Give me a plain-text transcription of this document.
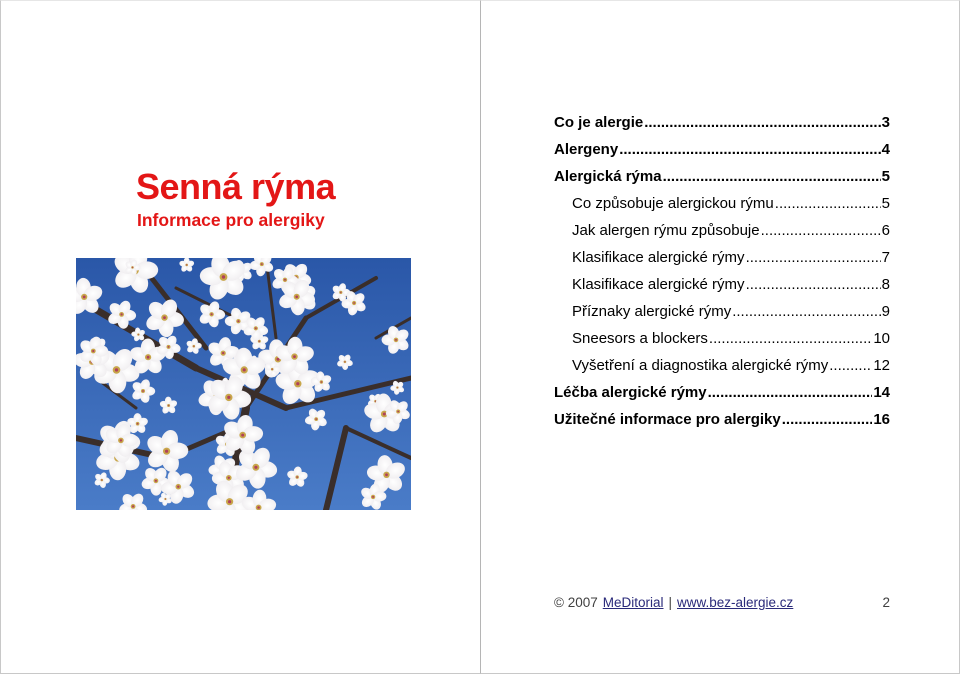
Senná rýma
Informace pro alergiky
Co je alergie .....	3
Alergeny .....	4
Alergická rýma .....	5
Co způsobuje alergickou rýmu .....	5
Jak alergen rýmu způsobuje .....	6
Klasifikace alergické rýmy .....	7
Klasifikace alergické rýmy .....	8
Příznaky alergické rýmy .....	9
Sneesors a blockers .....	10
Vyšetření a diagnostika alergické rýmy .....	12
Léčba alergické rýmy .....	14
Užitečné informace pro alergiky .....	16
© 2007 MeDitorial | www.bez-alergie.cz	2
